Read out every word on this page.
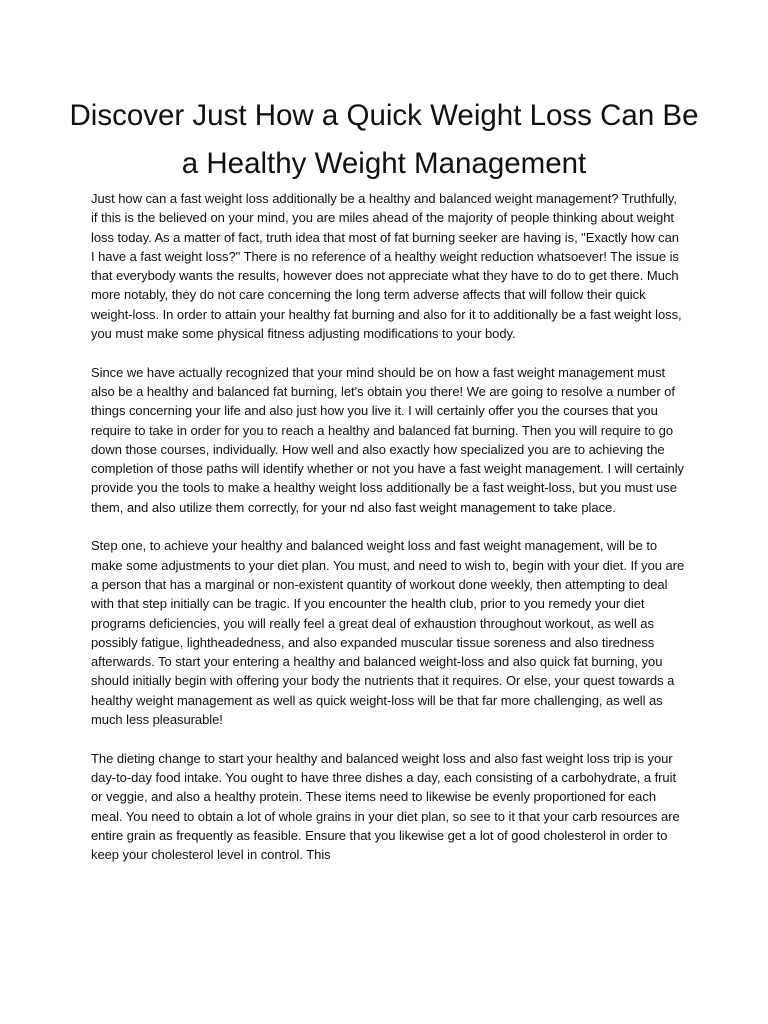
Discover Just How a Quick Weight Loss Can Be a Healthy Weight Management

Just how can a fast weight loss additionally be a healthy and balanced weight management? Truthfully, if this is the believed on your mind, you are miles ahead of the majority of people thinking about weight loss today. As a matter of fact, truth idea that most of fat burning seeker are having is, "Exactly how can I have a fast weight loss?" There is no reference of a healthy weight reduction whatsoever! The issue is that everybody wants the results, however does not appreciate what they have to do to get there. Much more notably, they do not care concerning the long term adverse affects that will follow their quick weight-loss. In order to attain your healthy fat burning and also for it to additionally be a fast weight loss, you must make some physical fitness adjusting modifications to your body.

Since we have actually recognized that your mind should be on how a fast weight management must also be a healthy and balanced fat burning, let's obtain you there! We are going to resolve a number of things concerning your life and also just how you live it. I will certainly offer you the courses that you require to take in order for you to reach a healthy and balanced fat burning. Then you will require to go down those courses, individually. How well and also exactly how specialized you are to achieving the completion of those paths will identify whether or not you have a fast weight management. I will certainly provide you the tools to make a healthy weight loss additionally be a fast weight-loss, but you must use them, and also utilize them correctly, for your nd also fast weight management to take place.

Step one, to achieve your healthy and balanced weight loss and fast weight management, will be to make some adjustments to your diet plan. You must, and need to wish to, begin with your diet. If you are a person that has a marginal or non-existent quantity of workout done weekly, then attempting to deal with that step initially can be tragic. If you encounter the health club, prior to you remedy your diet programs deficiencies, you will really feel a great deal of exhaustion throughout workout, as well as possibly fatigue, lightheadedness, and also expanded muscular tissue soreness and also tiredness afterwards. To start your entering a healthy and balanced weight-loss and also quick fat burning, you should initially begin with offering your body the nutrients that it requires. Or else, your quest towards a healthy weight management as well as quick weight-loss will be that far more challenging, as well as much less pleasurable!

The dieting change to start your healthy and balanced weight loss and also fast weight loss trip is your day-to-day food intake. You ought to have three dishes a day, each consisting of a carbohydrate, a fruit or veggie, and also a healthy protein. These items need to likewise be evenly proportioned for each meal. You need to obtain a lot of whole grains in your diet plan, so see to it that your carb resources are entire grain as frequently as feasible. Ensure that you likewise get a lot of good cholesterol in order to keep your cholesterol level in control. This
